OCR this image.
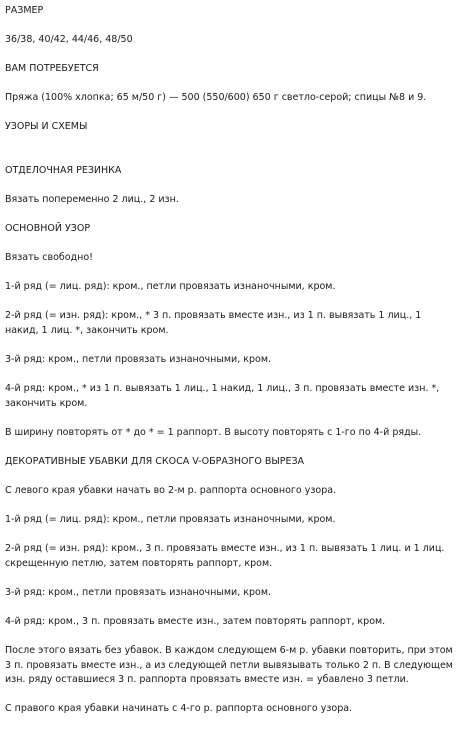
РАЗМЕР

36/38, 40/42, 44/46, 48/50

ВАМ ПОТРЕБУЕТСЯ

Пряжа (100% хлопка; 65 м/50 г) — 500 (550/600) 650 г светло-серой; спицы №8 и 9.

УЗОРЫ И СХЕМЫ

ОТДЕЛОЧНАЯ РЕЗИНКА

Вязать попеременно 2 лиц., 2 изн.

ОСНОВНОЙ УЗОР

Вязать свободно!

1-й ряд (= лиц. ряд): кром., петли провязать изнаночными, кром.

2-й ряд (= изн. ряд): кром., * 3 п. провязать вместе изн., из 1 п. вывязать 1 лиц., 1 накид, 1 лиц. *, закончить кром.

3-й ряд: кром., петли провязать изнаночными, кром.

4-й ряд: кром., * из 1 п. вывязать 1 лиц., 1 накид, 1 лиц., 3 п. провязать вместе изн. *, закончить кром.

В ширину повторять от * до * = 1 раппорт. В высоту повторять с 1-го по 4-й ряды.

ДЕКОРАТИВНЫЕ УБАВКИ ДЛЯ СКОСА V-ОБРАЗНОГО ВЫРЕЗА

С левого края убавки начать во 2-м р. раппорта основного узора.

1-й ряд (= лиц. ряд): кром., петли провязать изнаночными, кром.

2-й ряд (= изн. ряд): кром., 3 п. провязать вместе изн., из 1 п. вывязать 1 лиц. и 1 лиц. скрещенную петлю, затем повторять раппорт, кром.

3-й ряд: кром., петли провязать изнаночными, кром.

4-й ряд: кром., 3 п. провязать вместе изн., затем повторять раппорт, кром.

После этого вязать без убавок. В каждом следующем 6-м р. убавки повторить, при этом 3 п. провязать вместе изн., а из следующей петли вывязывать только 2 п. В следующем изн. ряду оставшиеся 3 п. раппорта провязать вместе изн. = убавлено 3 петли.

С правого края убавки начинать с 4-го р. раппорта основного узора.
